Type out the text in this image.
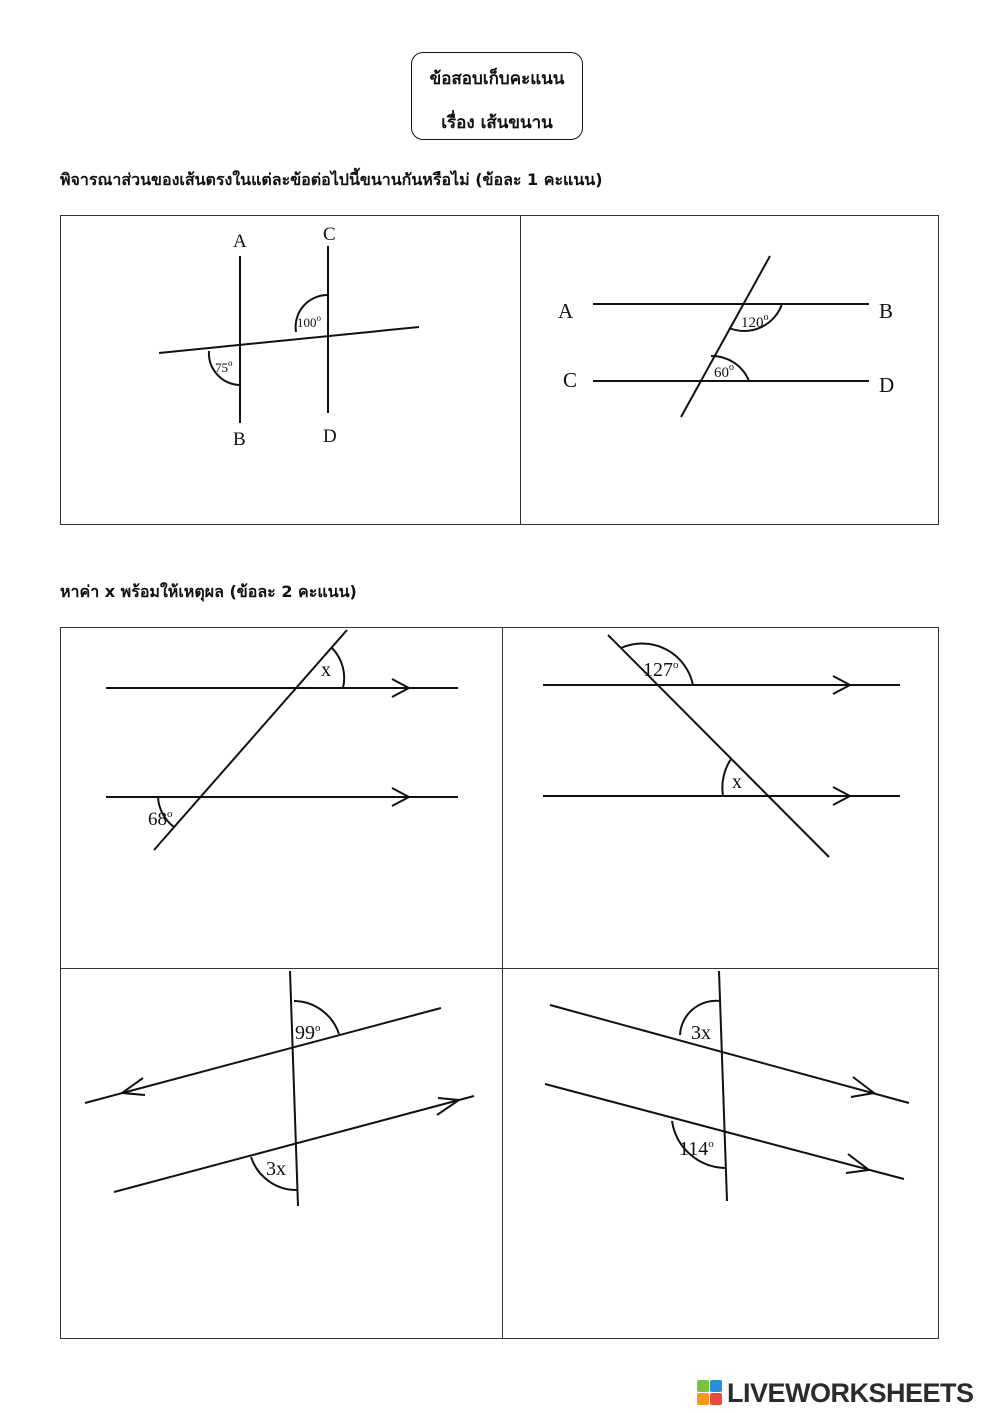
ข้อสอบเก็บคะแนน
เรื่อง เส้นขนาน
พิจารณาส่วนของเส้นตรงในแต่ละข้อต่อไปนี้ขนานกันหรือไม่ (ข้อละ 1 คะแนน)
A
B
C
D
75$^o$
100$^o$	A	B
C	D
120$^o$
60$^o$
หาค่า x พร้อมให้เหตุผล (ข้อละ 2 คะแนน)
x
68$^o$
127$^o$
x
99$^o$
3x
3x
114$^o$
LIVEWORKSHEETS
